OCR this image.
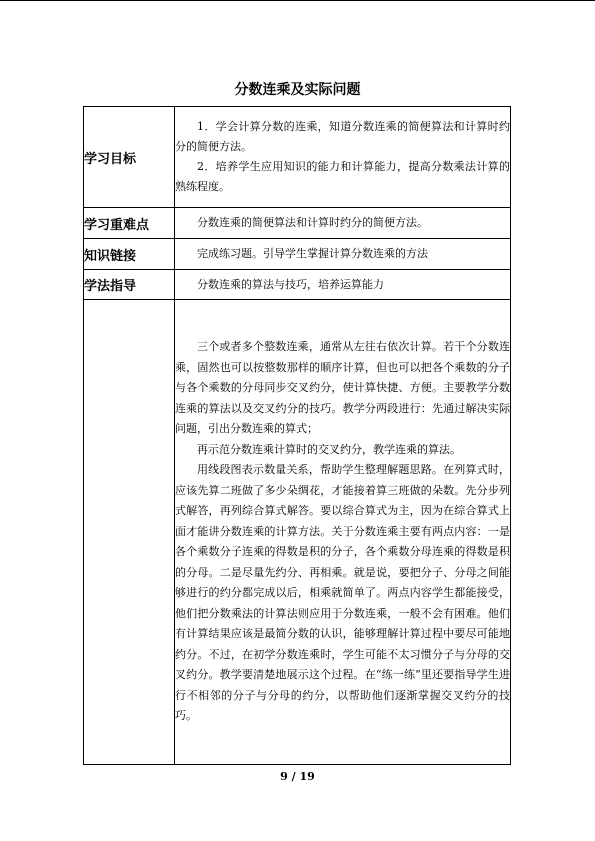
分数连乘及实际问题
学习目标	1．学会计算分数的连乘，知道分数连乘的简便算法和计算时约分的简便方法。

2．培养学生应用知识的能力和计算能力，提高分数乘法计算的熟练程度。

学习重难点	分数连乘的简便算法和计算时约分的简便方法。

知识链接	完成练习题。引导学生掌握计算分数连乘的方法

学法指导	分数连乘的算法与技巧，培养运算能力

	三个或者多个整数连乘，通常从左往右依次计算。若干个分数连乘，固然也可以按整数那样的顺序计算，但也可以把各个乘数的分子与各个乘数的分母同步交叉约分，使计算快捷、方便。主要教学分数连乘的算法以及交叉约分的技巧。教学分两段进行：先通过解决实际问题，引出分数连乘的算式；

再示范分数连乘计算时的交叉约分，教学连乘的算法。

用线段图表示数量关系，帮助学生整理解题思路。在列算式时，应该先算二班做了多少朵绸花，才能接着算三班做的朵数。先分步列式解答，再列综合算式解答。要以综合算式为主，因为在综合算式上面才能讲分数连乘的计算方法。关于分数连乘主要有两点内容：一是各个乘数分子连乘的得数是积的分子，各个乘数分母连乘的得数是积的分母。二是尽量先约分、再相乘。就是说，要把分子、分母之间能够进行的约分都完成以后，相乘就简单了。两点内容学生都能接受，他们把分数乘法的计算法则应用于分数连乘，一般不会有困难。他们有计算结果应该是最简分数的认识，能够理解计算过程中要尽可能地约分。不过，在初学分数连乘时，学生可能不太习惯分子与分母的交叉约分。教学要清楚地展示这个过程。在“练一练”里还要指导学生进行不相邻的分子与分母的约分，以帮助他们逐渐掌握交叉约分的技巧。

9 / 19
